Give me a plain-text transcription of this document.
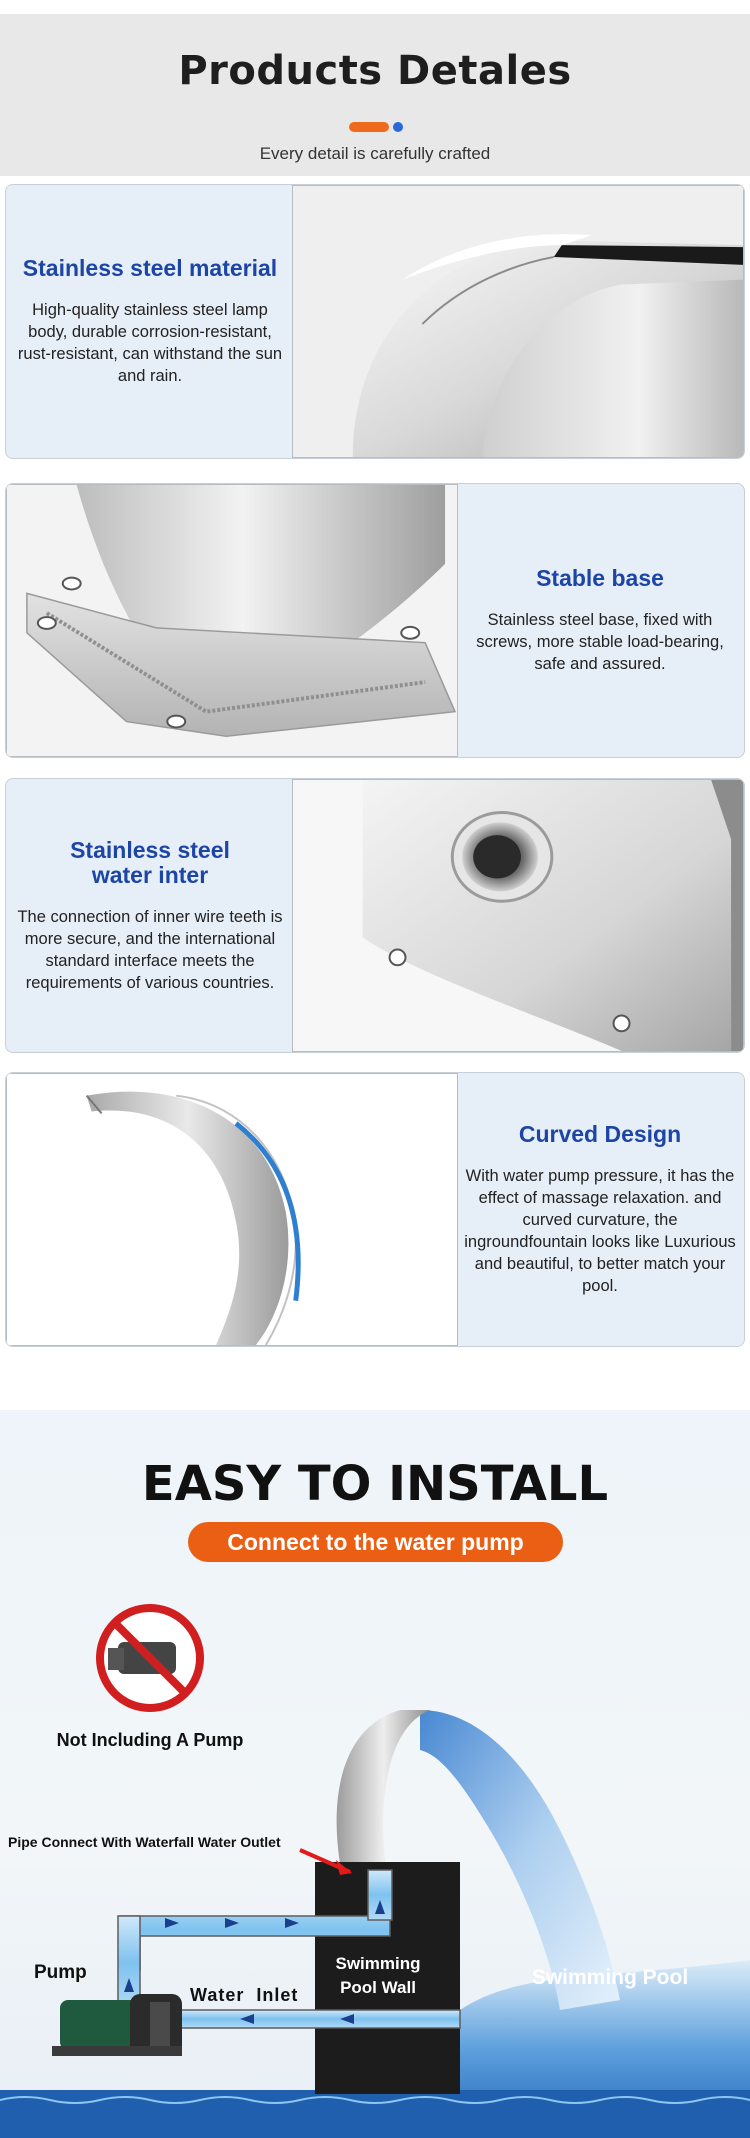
Products Detales
Every detail is carefully crafted
Stainless steel material

High-quality stainless steel lamp body, durable corrosion-resistant, rust-resistant, can withstand the sun and rain.

Stable base

Stainless steel base, fixed with screws, more stable load-bearing, safe and assured.

Stainless steel water inter

The connection of inner wire teeth is more secure, and the international standard interface meets the requirements of various countries.

Curved Design

With water pump pressure, it has the effect of massage relaxation. and curved curvature, the ingroundfountain looks like Luxurious and beautiful, to better match your pool.

EASY TO INSTALL
Connect to the water pump
Not Including A Pump
Pipe Connect With Waterfall Water Outlet
Pump
Water  Inlet
Swimming
Pool Wall	Swimming Pool
